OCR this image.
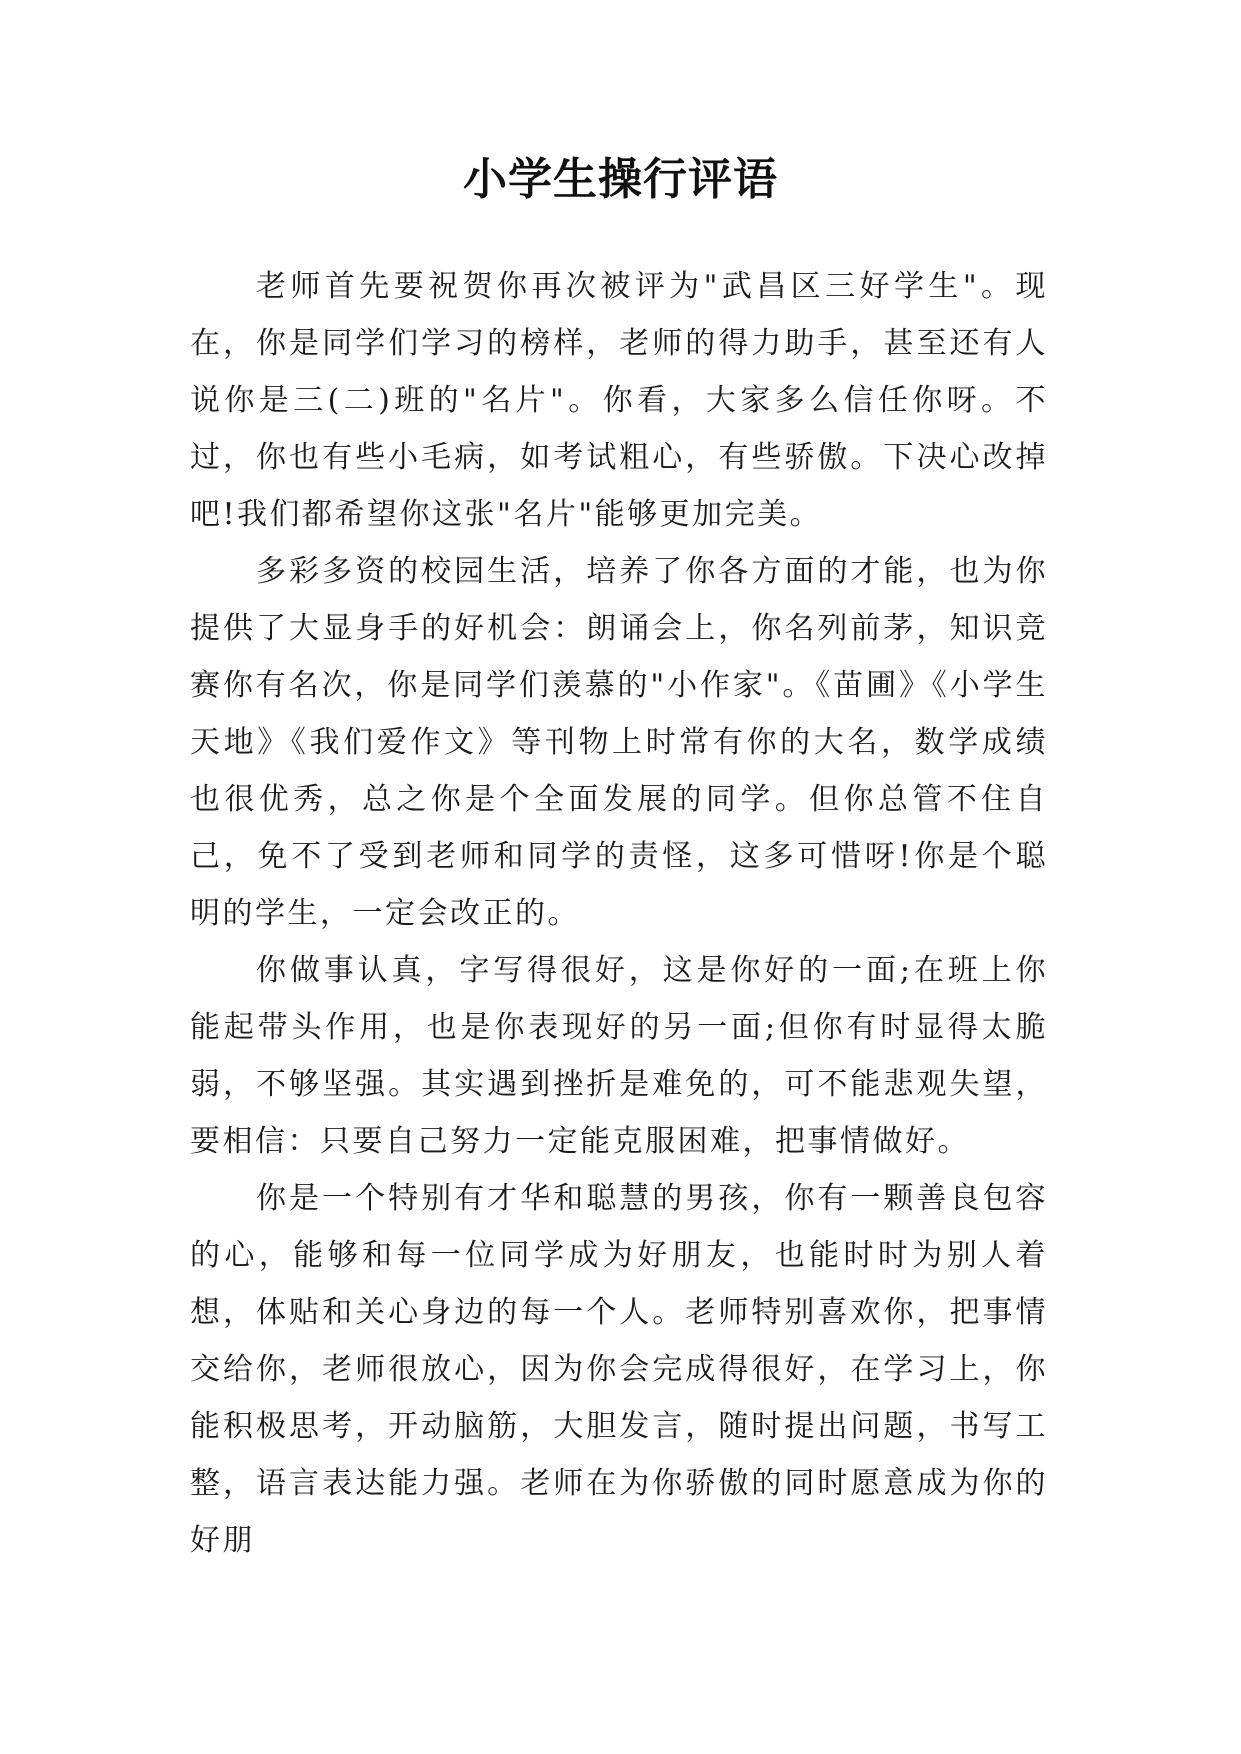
小学生操行评语

老师首先要祝贺你再次被评为"武昌区三好学生"。现在，你是同学们学习的榜样，老师的得力助手，甚至还有人说你是三(二)班的"名片"。你看，大家多么信任你呀。不过，你也有些小毛病，如考试粗心，有些骄傲。下决心改掉吧!我们都希望你这张"名片"能够更加完美。

多彩多资的校园生活，培养了你各方面的才能，也为你提供了大显身手的好机会：朗诵会上，你名列前茅，知识竞赛你有名次，你是同学们羡慕的"小作家"。《苗圃》《小学生天地》《我们爱作文》等刊物上时常有你的大名，数学成绩也很优秀，总之你是个全面发展的同学。但你总管不住自己，免不了受到老师和同学的责怪，这多可惜呀!你是个聪明的学生，一定会改正的。

你做事认真，字写得很好，这是你好的一面;在班上你能起带头作用，也是你表现好的另一面;但你有时显得太脆弱，不够坚强。其实遇到挫折是难免的，可不能悲观失望，要相信：只要自己努力一定能克服困难，把事情做好。

你是一个特别有才华和聪慧的男孩，你有一颗善良包容的心，能够和每一位同学成为好朋友，也能时时为别人着想，体贴和关心身边的每一个人。老师特别喜欢你，把事情交给你，老师很放心，因为你会完成得很好，在学习上，你能积极思考，开动脑筋，大胆发言，随时提出问题，书写工整，语言表达能力强。老师在为你骄傲的同时愿意成为你的好朋
